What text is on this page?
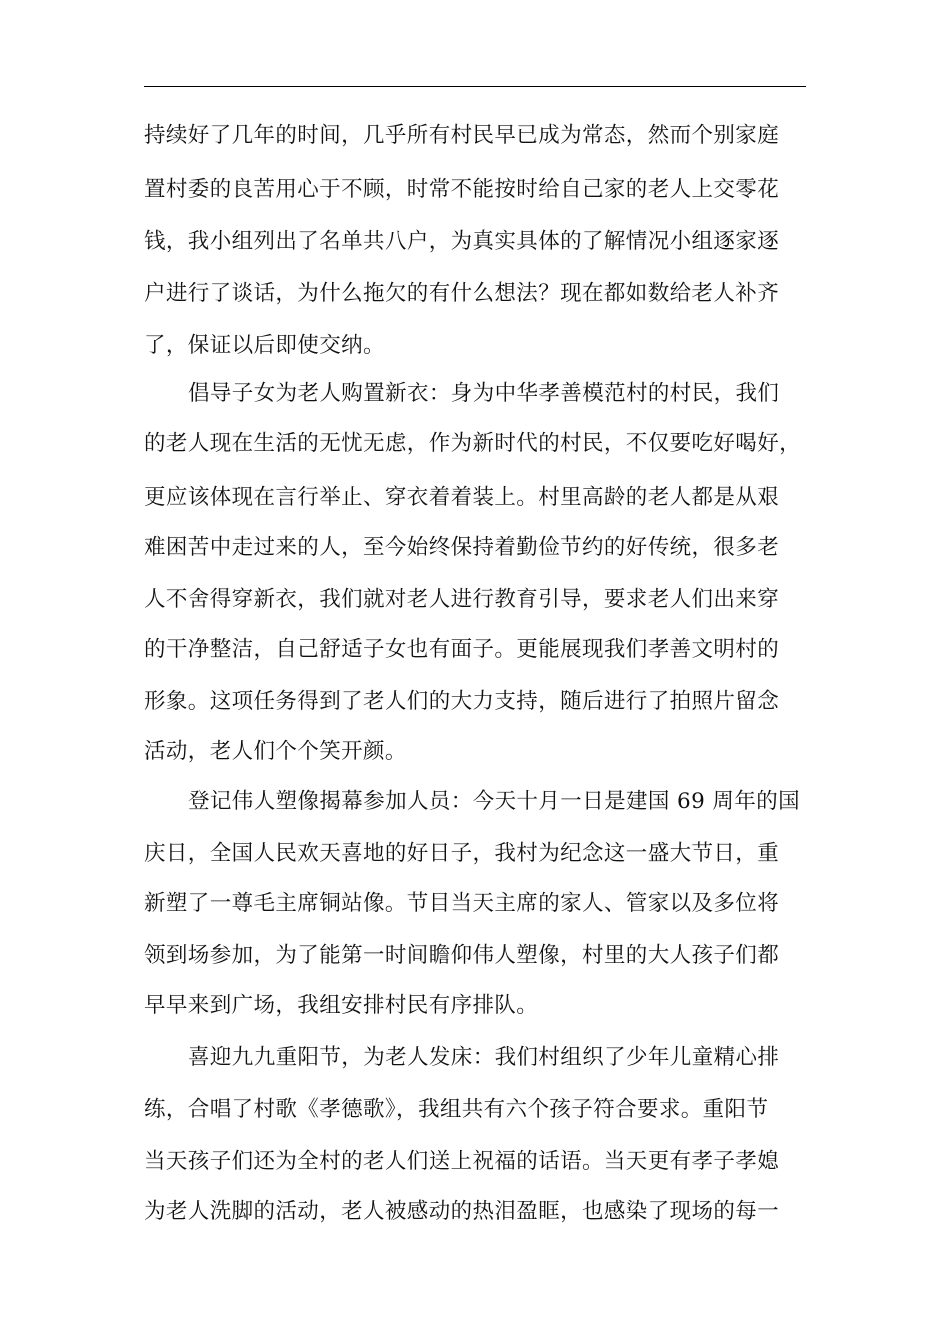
持续好了几年的时间，几乎所有村民早已成为常态，然而个别家庭
置村委的良苦用心于不顾，时常不能按时给自己家的老人上交零花
钱，我小组列出了名单共八户，为真实具体的了解情况小组逐家逐
户进行了谈话，为什么拖欠的有什么想法？现在都如数给老人补齐
了，保证以后即使交纳。
倡导子女为老人购置新衣：身为中华孝善模范村的村民，我们
的老人现在生活的无忧无虑，作为新时代的村民，不仅要吃好喝好，
更应该体现在言行举止、穿衣着着装上。村里高龄的老人都是从艰
难困苦中走过来的人，至今始终保持着勤俭节约的好传统，很多老
人不舍得穿新衣，我们就对老人进行教育引导，要求老人们出来穿
的干净整洁，自己舒适子女也有面子。更能展现我们孝善文明村的
形象。这项任务得到了老人们的大力支持，随后进行了拍照片留念
活动，老人们个个笑开颜。
登记伟人塑像揭幕参加人员：今天十月一日是建国 69 周年的国
庆日，全国人民欢天喜地的好日子，我村为纪念这一盛大节日，重
新塑了一尊毛主席铜站像。节目当天主席的家人、管家以及多位将
领到场参加，为了能第一时间瞻仰伟人塑像，村里的大人孩子们都
早早来到广场，我组安排村民有序排队。
喜迎九九重阳节，为老人发床：我们村组织了少年儿童精心排
练，合唱了村歌《孝德歌》，我组共有六个孩子符合要求。重阳节
当天孩子们还为全村的老人们送上祝福的话语。当天更有孝子孝媳
为老人洗脚的活动，老人被感动的热泪盈眶，也感染了现场的每一
